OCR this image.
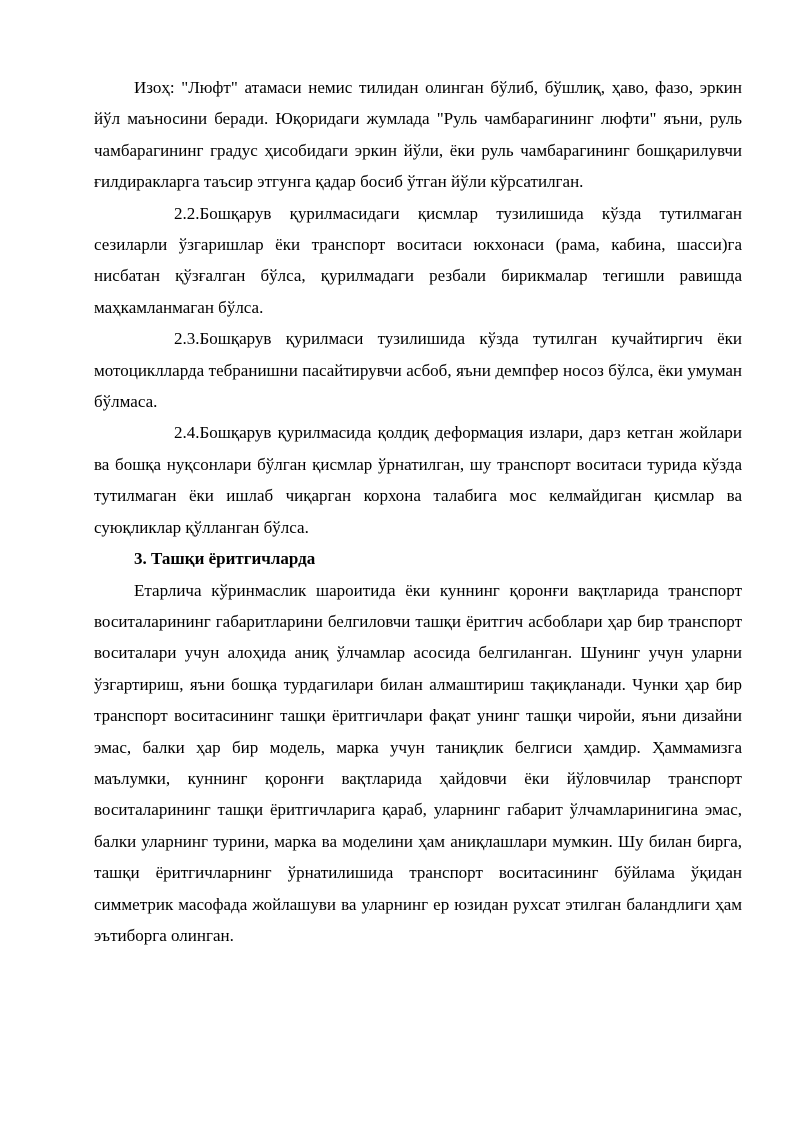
Изоҳ: "Люфт" атамаси немис тилидан олинган бўлиб, бўшлиқ, ҳаво, фазо, эркин йўл маъносини беради. Юқоридаги жумлада "Руль чамбарагининг люфти" яъни, руль чамбарагининг градус ҳисобидаги эркин йўли, ёки руль чамбарагининг бошқарилувчи ғилдиракларга таъсир этгунга қадар босиб ўтган йўли кўрсатилган.

2.2.Бошқарув қурилмасидаги қисмлар тузилишида кўзда тутилмаган сезиларли ўзгаришлар ёки транспорт воситаси юкхонаси (рама, кабина, шасси)га нисбатан қўзғалган бўлса, қурилмадаги резбали бирикмалар тегишли равишда маҳкамланмаган бўлса.

2.3.Бошқарув қурилмаси тузилишида кўзда тутилган кучайтиргич ёки мотоциклларда тебранишни пасайтирувчи асбоб, яъни демпфер носоз бўлса, ёки умуман бўлмаса.

2.4.Бошқарув қурилмасида қолдиқ деформация излари, дарз кетган жойлари ва бошқа нуқсонлари бўлган қисмлар ўрнатилган, шу транспорт воситаси турида кўзда тутилмаган ёки ишлаб чиқарган корхона талабига мос келмайдиган қисмлар ва суюқликлар қўлланган бўлса.

3. Ташқи ёритгичларда

Етарлича кўринмаслик шароитида ёки куннинг қоронғи вақтларида транспорт воситаларининг габаритларини белгиловчи ташқи ёритгич асбоблари ҳар бир транспорт воситалари учун алоҳида аниқ ўлчамлар асосида белгиланган. Шунинг учун уларни ўзгартириш, яъни бошқа турдагилари билан алмаштириш тақиқланади. Чунки ҳар бир транспорт воситасининг ташқи ёритгичлари фақат унинг ташқи чиройи, яъни дизайни эмас, балки ҳар бир модель, марка учун таниқлик белгиси ҳамдир. Ҳаммамизга маълумки, куннинг қоронғи вақтларида ҳайдовчи ёки йўловчилар транспорт воситаларининг ташқи ёритгичларига қараб, уларнинг габарит ўлчамларинигина эмас, балки уларнинг турини, марка ва моделини ҳам аниқлашлари мумкин. Шу билан бирга, ташқи ёритгичларнинг ўрнатилишида транспорт воситасининг бўйлама ўқидан симметрик масофада жойлашуви ва уларнинг ер юзидан рухсат этилган баландлиги ҳам эътиборга олинган.
